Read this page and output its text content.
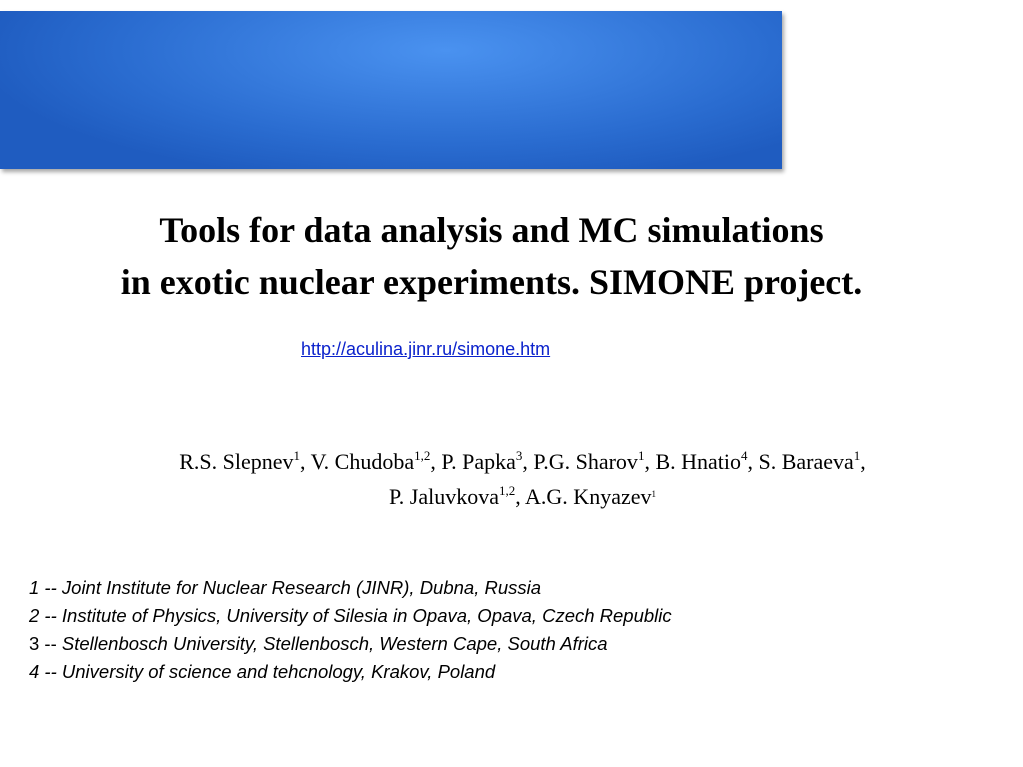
Tools for data analysis and MC simulations
in exotic nuclear experiments. SIMONE project.
http://aculina.jinr.ru/simone.htm
R.S. Slepnev$^1$, V. Chudoba$^{1,2}$, P. Papka$^3$, P.G. Sharov$^1$, B. Hnatio$^4$, S. Baraeva$^1$,
P. Jaluvkova$^{1,2}$, A.G. Knyazev$^1$
1 -- Joint Institute for Nuclear Research (JINR), Dubna, Russia
2 -- Institute of Physics, University of Silesia in Opava, Opava, Czech Republic
3 -- Stellenbosch University, Stellenbosch, Western Cape, South Africa
4 -- University of science and tehcnology, Krakov, Poland
